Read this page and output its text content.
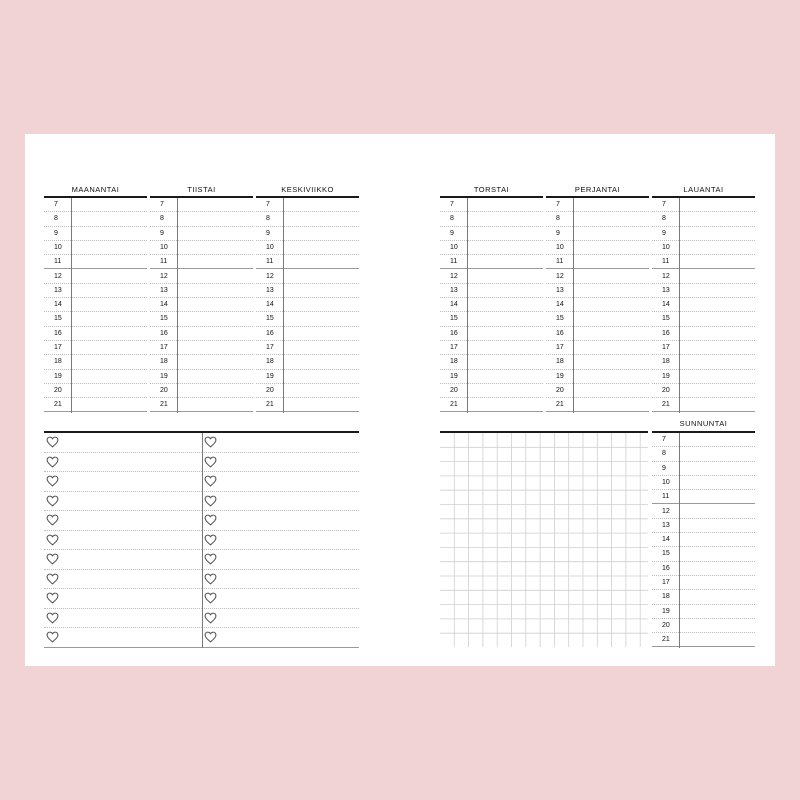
MAANANTAI
7
8
9
10
11
12
13
14
15
16
17
18
19
20
21
TIISTAI
7
8
9
10
11
12
13
14
15
16
17
18
19
20
21
KESKIVIIKKO
7
8
9
10
11
12
13
14
15
16
17
18
19
20
21
TORSTAI
7
8
9
10
11
12
13
14
15
16
17
18
19
20
21
PERJANTAI
7
8
9
10
11
12
13
14
15
16
17
18
19
20
21
LAUANTAI
7
8
9
10
11
12
13
14
15
16
17
18
19
20
21
SUNNUNTAI
7
8
9
10
11
12
13
14
15
16
17
18
19
20
21
